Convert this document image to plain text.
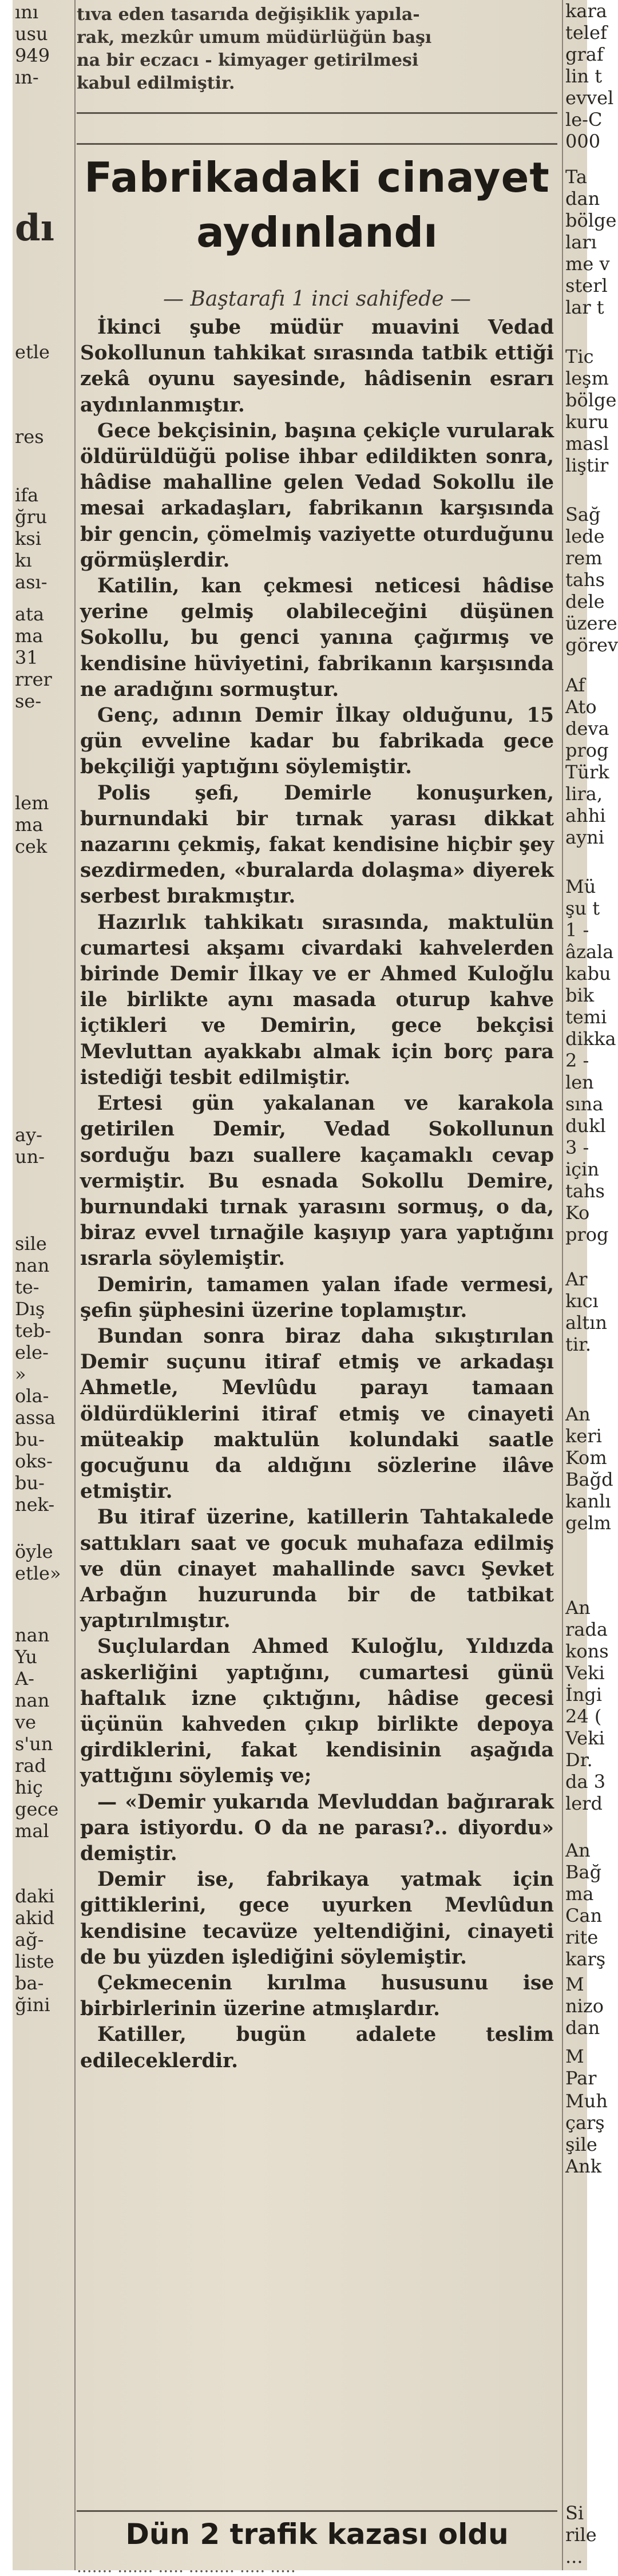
ını
usu
949
ın-
dı
etle
res
ifa
ğru
ksi
kı
ası-
ata
ma
31
rrer
se-
lem
ma
cek
ay-
un-
sile
nan
te-
Dış
teb-
ele-
»
ola-
assa
bu-
oks-
bu-
nek-
öyle
etle»
nan
Yu
A-
nan
ve
s'un
rad
hiç
gece
mal
daki
akid
ağ-
liste
ba-
ğini
kara
telef
graf
lin t
evvel
le-C
000
Ta
dan
bölge
ları
me v
sterl
lar t
Tic
leşm
bölge
kuru
masl
liştir
Sağ
lede
rem
tahs
dele
üzere
görev
Af
Ato
deva
prog
Türk
lira,
ahhi
ayni
Mü
şu t
1 -
âzala
kabu
bik
temi
dikka
2 -
len
sına
dukl
3 -
için
tahs
Ko
prog
Ar
kıcı
altın
tir.
An
keri
Kom
Bağd
kanlı
gelm
An
rada
kons
Veki
İngi
24 (
Veki
Dr.
da 3
lerd
An
Bağ
ma
Can
rite
karş
M
nizo
dan
M
Par
Muh
çarş
şile
Ank
Si
rile
...
tıva eden tasarıda değişiklik yapıla-
rak, mezkûr umum müdürlüğün başı
na bir eczacı - kimyager getirilmesi
kabul edilmiştir.
Fabrikadaki cinayet
aydınlandı
— Baştarafı 1 inci sahifede —

İkinci şube müdür muavini Vedad Sokollunun tahkikat sırasında tatbik ettiği zekâ oyunu sayesinde, hâdisenin esrarı aydınlanmıştır.

Gece bekçisinin, başına çekiçle vurularak öldürüldüğü polise ihbar edildikten sonra, hâdise mahalline gelen Vedad Sokollu ile mesai arkadaşları, fabrikanın karşısında bir gencin, çömelmiş vaziyette oturduğunu görmüşlerdir.

Katilin, kan çekmesi neticesi hâdise yerine gelmiş olabileceğini düşünen Sokollu, bu genci yanına çağırmış ve kendisine hüviyetini, fabrikanın karşısında ne aradığını sormuştur.

Genç, adının Demir İlkay olduğunu, 15 gün evveline kadar bu fabrikada gece bekçiliği yaptığını söylemiştir.

Polis şefi, Demirle konuşurken, burnundaki bir tırnak yarası dikkat nazarını çekmiş, fakat kendisine hiçbir şey sezdirmeden, «buralarda dolaşma» diyerek serbest bırakmıştır.

Hazırlık tahkikatı sırasında, maktulün cumartesi akşamı civardaki kahvelerden birinde Demir İlkay ve er Ahmed Kuloğlu ile birlikte aynı masada oturup kahve içtikleri ve Demirin, gece bekçisi Mevluttan ayakkabı almak için borç para istediği tesbit edilmiştir.

Ertesi gün yakalanan ve karakola getirilen Demir, Vedad Sokollunun sorduğu bazı suallere kaçamaklı cevap vermiştir. Bu esnada Sokollu Demire, burnundaki tırnak yarasını sormuş, o da, biraz evvel tırnağile kaşıyıp yara yaptığını ısrarla söylemiştir.

Demirin, tamamen yalan ifade vermesi, şefin şüphesini üzerine toplamıştır.

Bundan sonra biraz daha sıkıştırılan Demir suçunu itiraf etmiş ve arkadaşı Ahmetle, Mevlûdu parayı tamaan öldürdüklerini itiraf etmiş ve cinayeti müteakip maktulün kolundaki saatle gocuğunu da aldığını sözlerine ilâve etmiştir.

Bu itiraf üzerine, katillerin Tahtakalede sattıkları saat ve gocuk muhafaza edilmiş ve dün cinayet mahallinde savcı Şevket Arbağın huzurunda bir de tatbikat yaptırılmıştır.

Suçlulardan Ahmed Kuloğlu, Yıldızda askerliğini yaptığını, cumartesi günü haftalık izne çıktığını, hâdise gecesi üçünün kahveden çıkıp birlikte depoya girdiklerini, fakat kendisinin aşağıda yattığını söylemiş ve;

— «Demir yukarıda Mevluddan bağırarak para istiyordu. O da ne parası?.. diyordu» demiştir.

Demir ise, fabrikaya yatmak için gittiklerini, gece uyurken Mevlûdun kendisine tecavüze yeltendiğini, cinayeti de bu yüzden işlediğini söylemiştir.

Çekmecenin kırılma hususunu ise birbirlerinin üzerine atmışlardır.

Katiller, bugün adalete teslim edileceklerdir.

Dün 2 trafik kazası oldu
....... ....... ..... ......... ..... .....
